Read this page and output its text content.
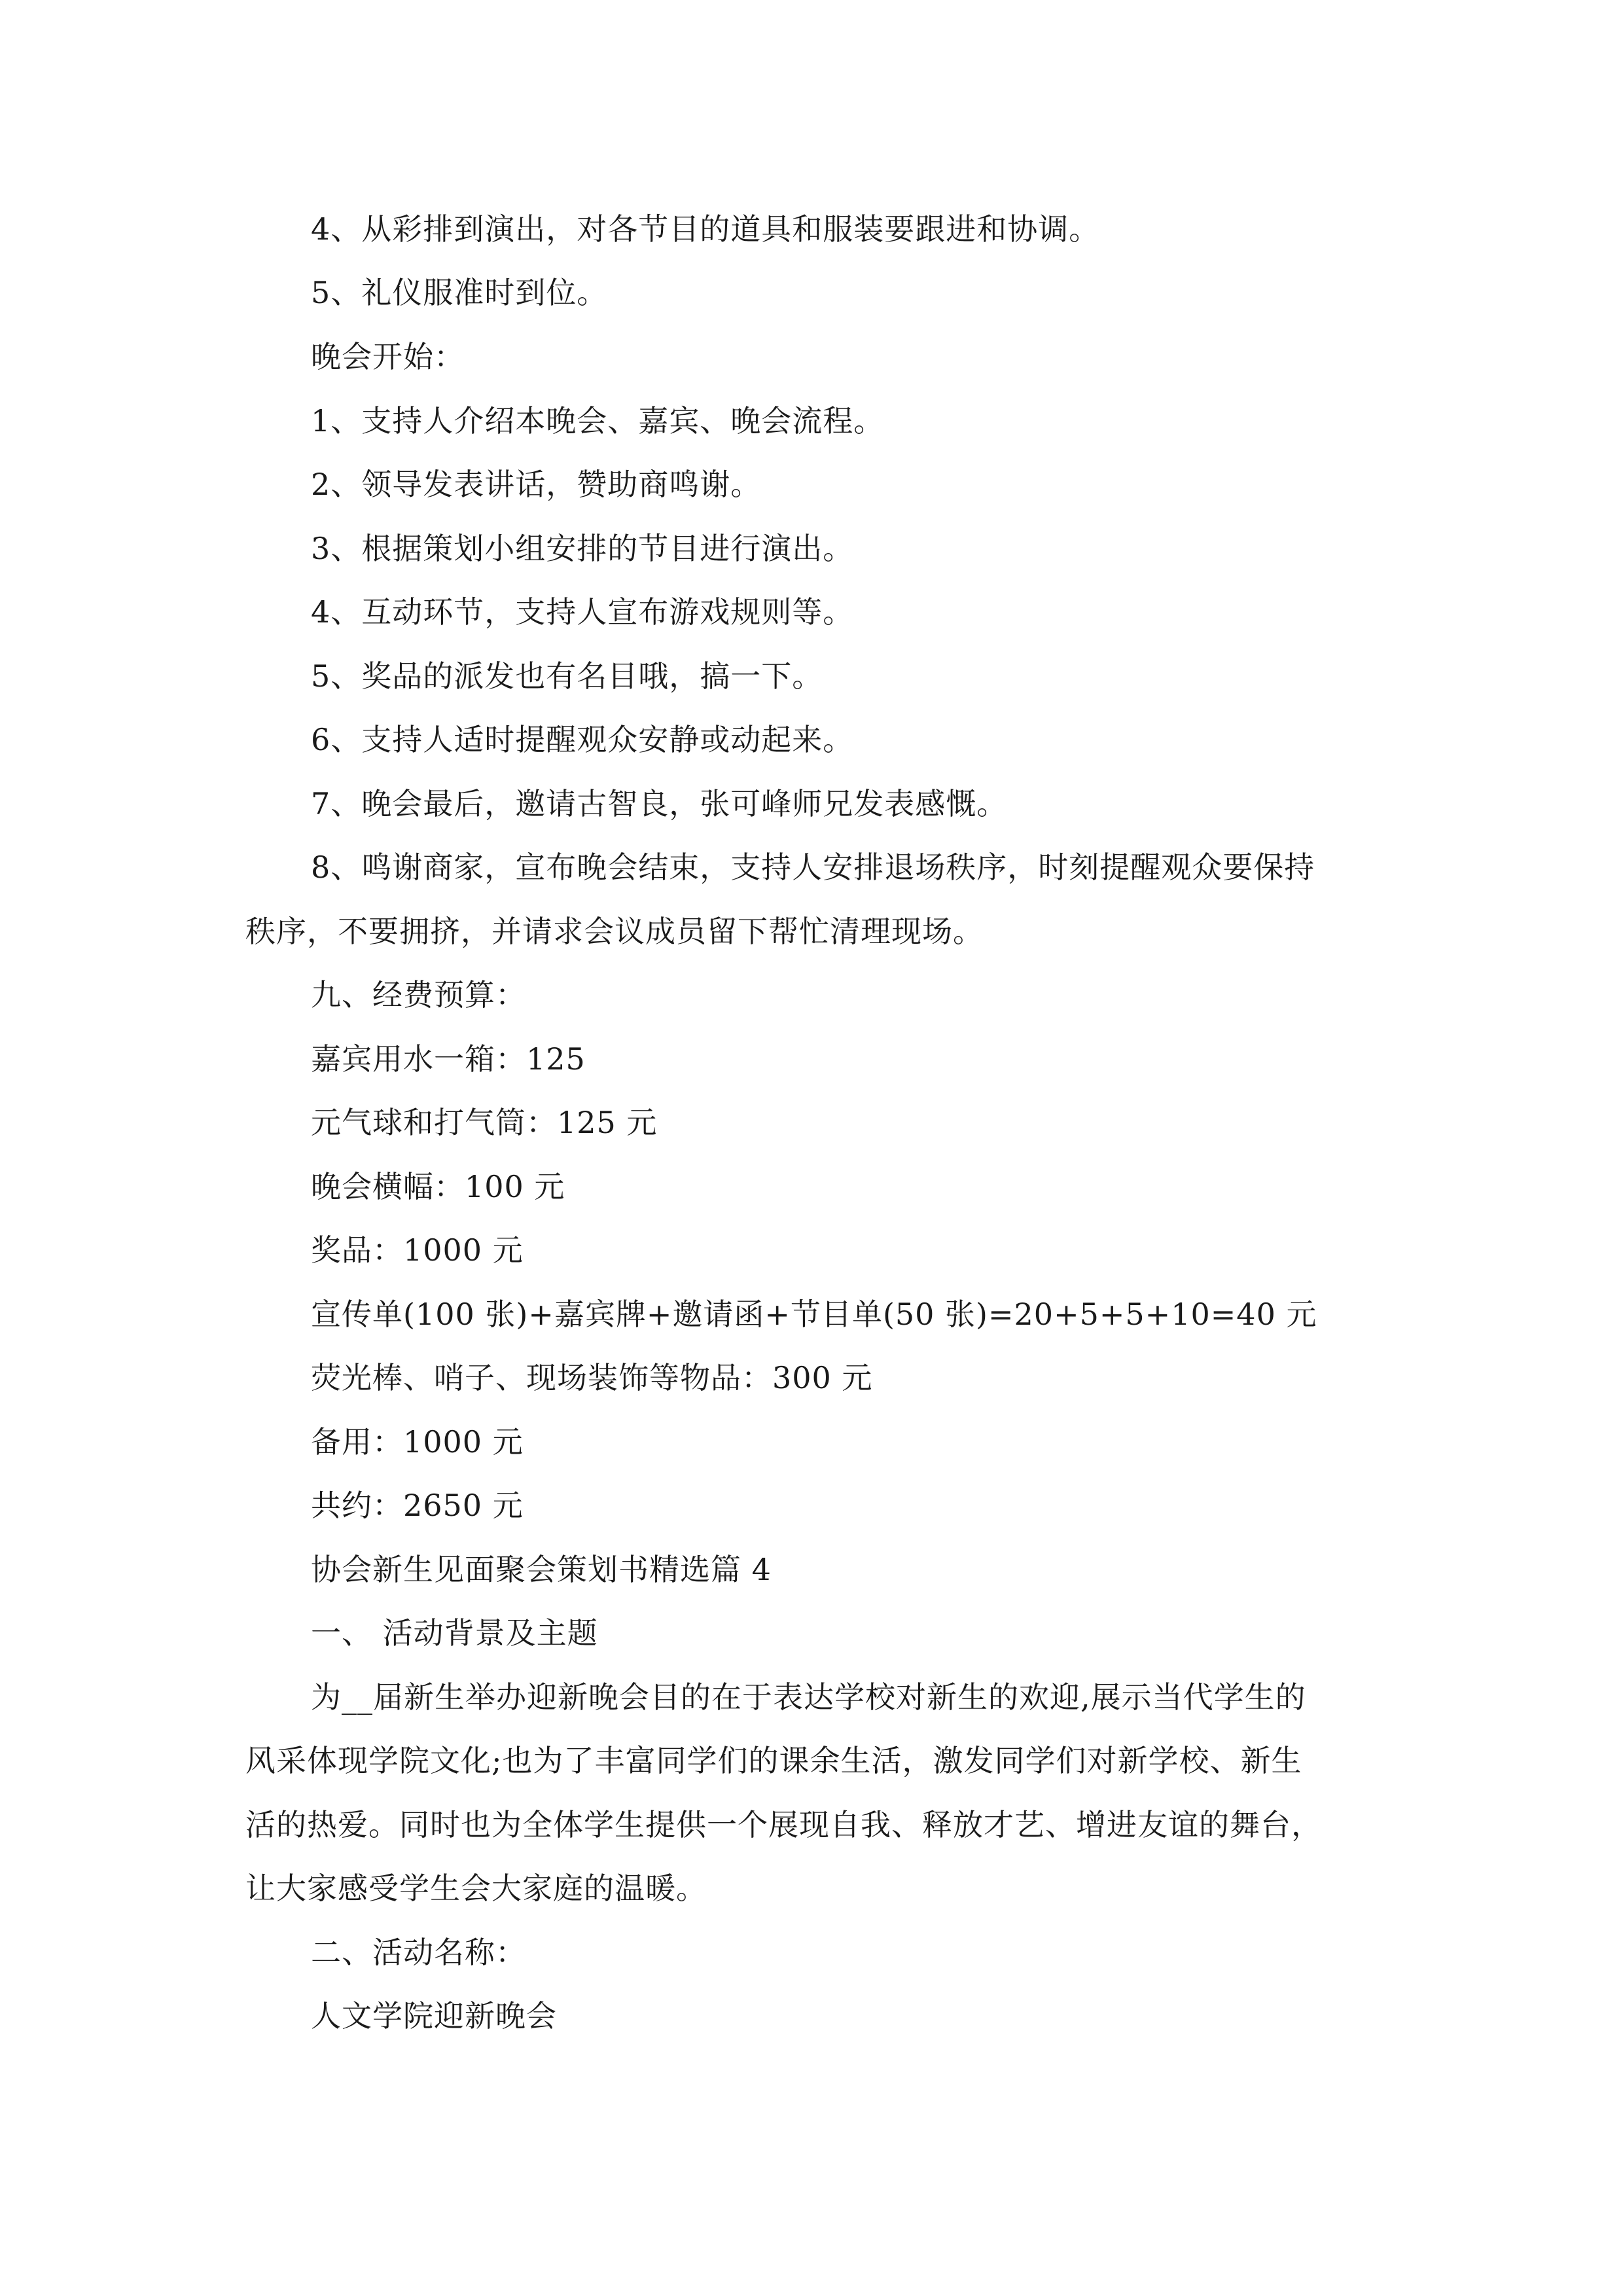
4、从彩排到演出，对各节目的道具和服装要跟进和协调。
5、礼仪服准时到位。
晚会开始：
1、支持人介绍本晚会、嘉宾、晚会流程。
2、领导发表讲话，赞助商鸣谢。
3、根据策划小组安排的节目进行演出。
4、互动环节，支持人宣布游戏规则等。
5、奖品的派发也有名目哦，搞一下。
6、支持人适时提醒观众安静或动起来。
7、晚会最后，邀请古智良，张可峰师兄发表感慨。
8、鸣谢商家，宣布晚会结束，支持人安排退场秩序，时刻提醒观众要保持
秩序，不要拥挤，并请求会议成员留下帮忙清理现场。
九、经费预算：
嘉宾用水一箱：125
元气球和打气筒：125 元
晚会横幅：100 元
奖品：1000 元
宣传单(100 张)+嘉宾牌+邀请函+节目单(50 张)=20+5+5+10=40 元
荧光棒、哨子、现场装饰等物品：300 元
备用：1000 元
共约：2650 元
协会新生见面聚会策划书精选篇 4
一、 活动背景及主题
为__届新生举办迎新晚会目的在于表达学校对新生的欢迎,展示当代学生的
风采体现学院文化;也为了丰富同学们的课余生活，激发同学们对新学校、新生
活的热爱。同时也为全体学生提供一个展现自我、释放才艺、增进友谊的舞台，
让大家感受学生会大家庭的温暖。
二、活动名称：
人文学院迎新晚会
